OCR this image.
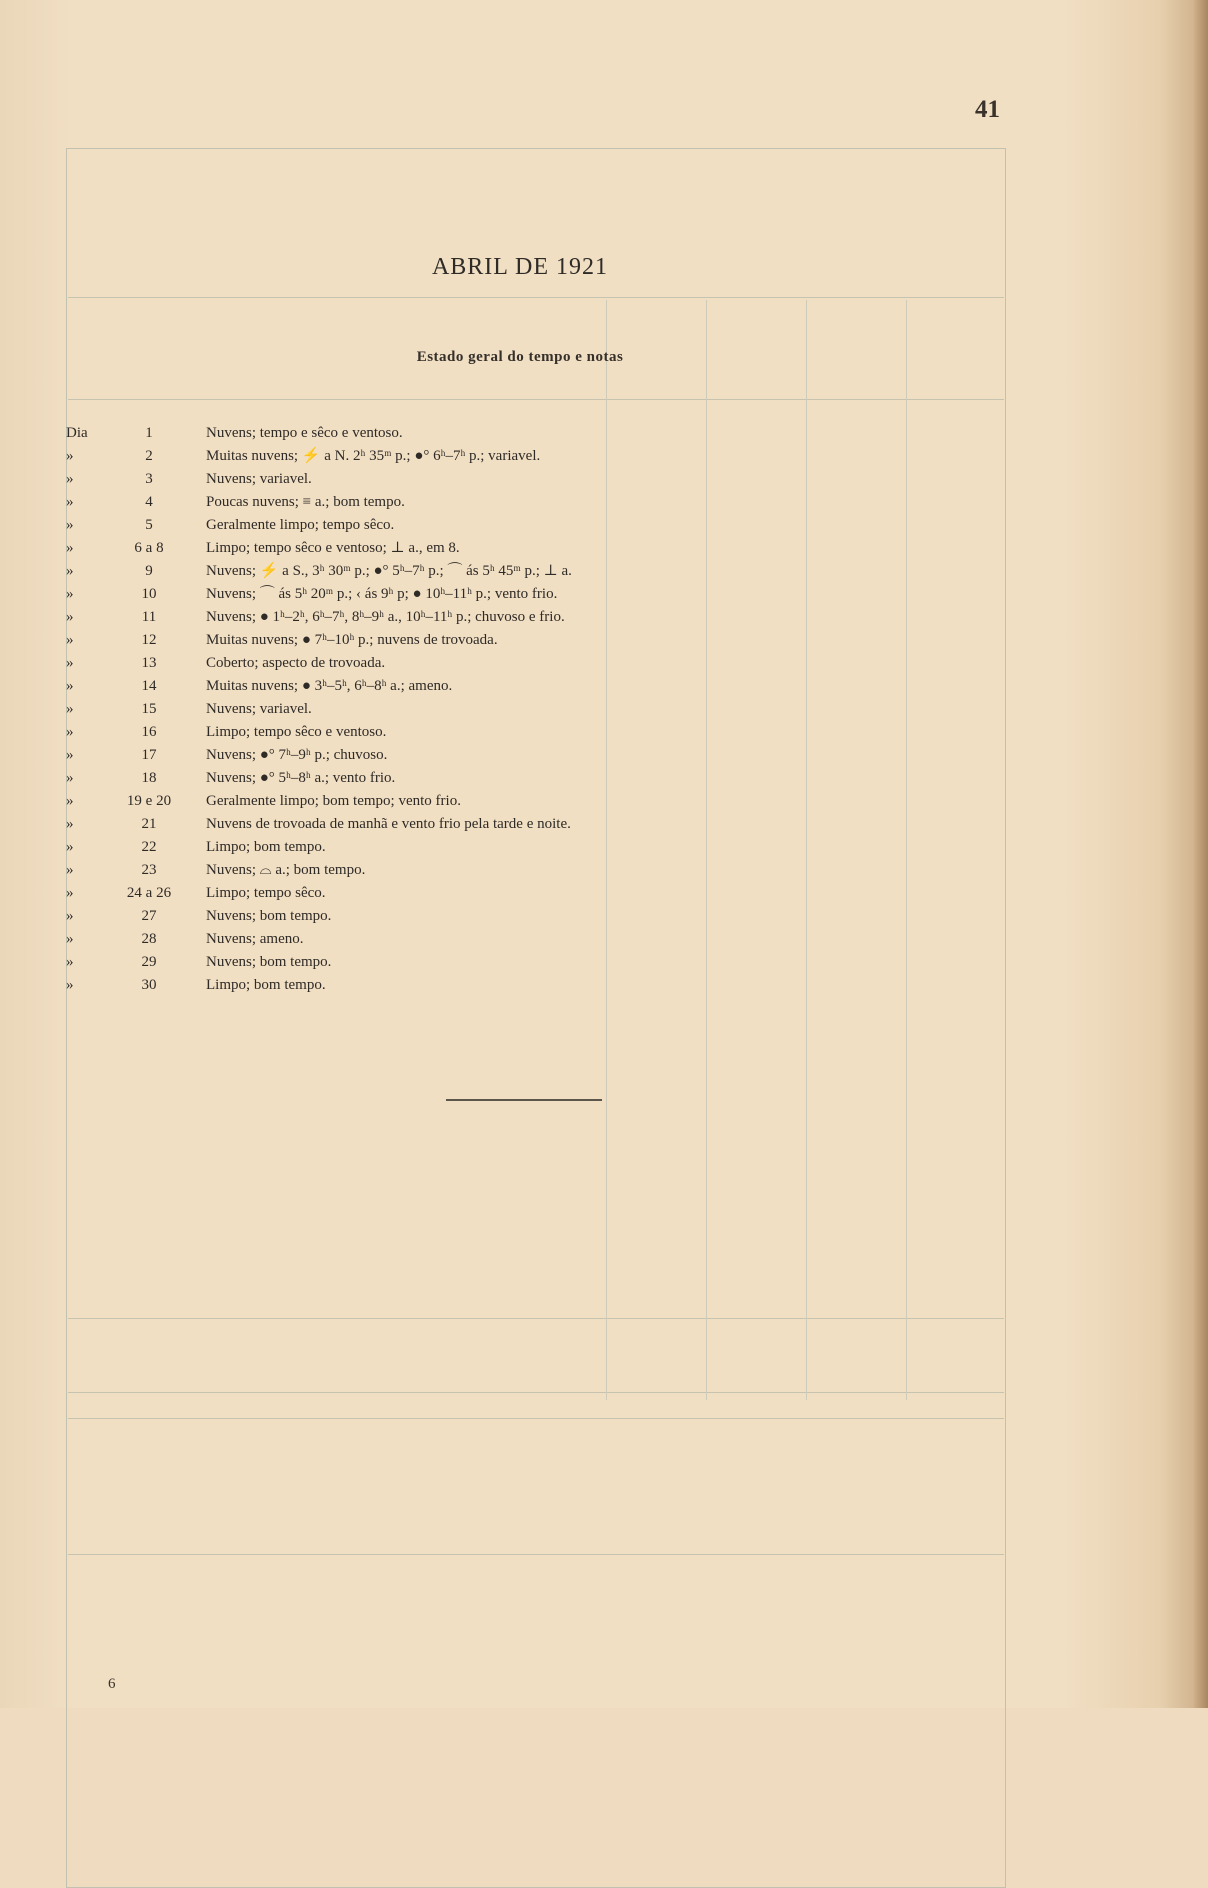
41
ABRIL DE 1921
Estado geral do tempo e notas
Dia	1	Nuvens; tempo e sêco e ventoso.
»	2	Muitas nuvens; ⚡ a N. 2ʰ 35ᵐ p.; ●° 6ʰ–7ʰ p.; variavel.
»	3	Nuvens; variavel.
»	4	Poucas nuvens; ≡ a.; bom tempo.
»	5	Geralmente limpo; tempo sêco.
»	6 a 8	Limpo; tempo sêco e ventoso; ⊥ a., em 8.
»	9	Nuvens; ⚡ a S., 3ʰ 30ᵐ p.; ●° 5ʰ–7ʰ p.; ⌒ ás 5ʰ 45ᵐ p.; ⊥ a.
»	10	Nuvens; ⌒ ás 5ʰ 20ᵐ p.; ‹ ás 9ʰ p; ● 10ʰ–11ʰ p.; vento frio.
»	11	Nuvens; ● 1ʰ–2ʰ, 6ʰ–7ʰ, 8ʰ–9ʰ a., 10ʰ–11ʰ p.; chuvoso e frio.
»	12	Muitas nuvens; ● 7ʰ–10ʰ p.; nuvens de trovoada.
»	13	Coberto; aspecto de trovoada.
»	14	Muitas nuvens; ● 3ʰ–5ʰ, 6ʰ–8ʰ a.; ameno.
»	15	Nuvens; variavel.
»	16	Limpo; tempo sêco e ventoso.
»	17	Nuvens; ●° 7ʰ–9ʰ p.; chuvoso.
»	18	Nuvens; ●° 5ʰ–8ʰ a.; vento frio.
»	19 e 20	Geralmente limpo; bom tempo; vento frio.
»	21	Nuvens de trovoada de manhã e vento frio pela tarde e noite.
»	22	Limpo; bom tempo.
»	23	Nuvens; ⌓ a.; bom tempo.
»	24 a 26	Limpo; tempo sêco.
»	27	Nuvens; bom tempo.
»	28	Nuvens; ameno.
»	29	Nuvens; bom tempo.
»	30	Limpo; bom tempo.
6
